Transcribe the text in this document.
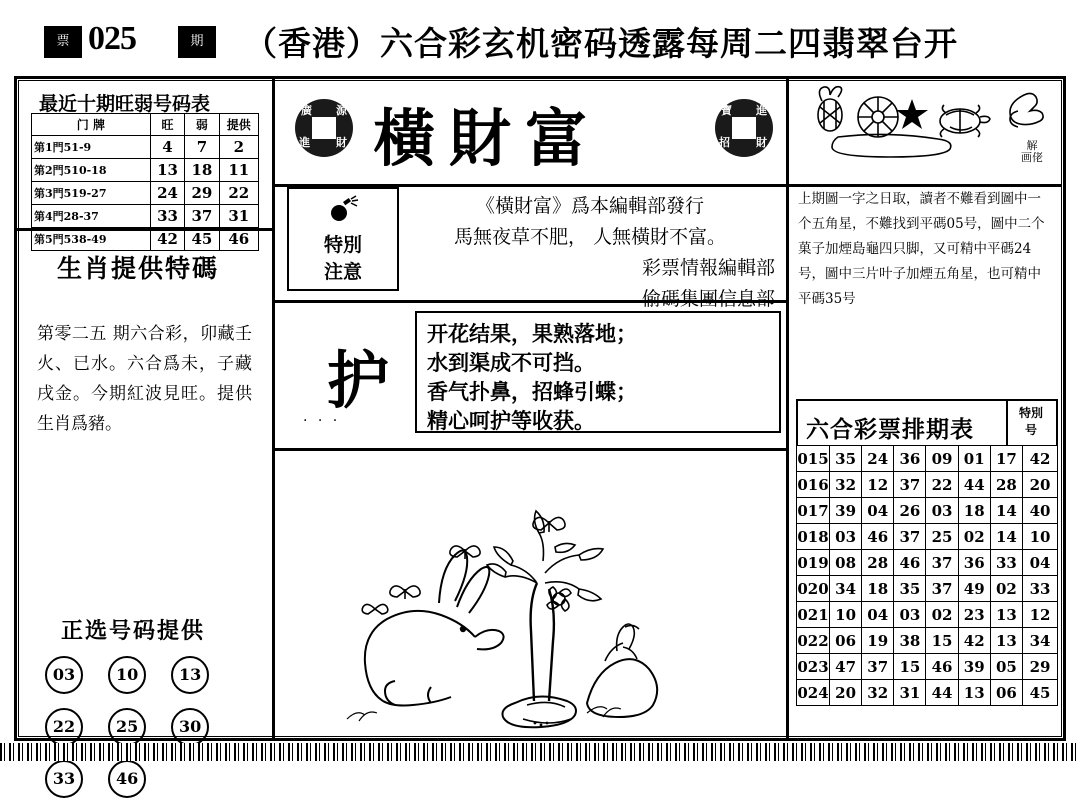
票 025	期	（香港）六合彩玄机密码透露每周二四翡翠台开
最近十期旺弱号码表
门 牌	旺	弱	提供
第1門51-9	4	7	2
第2門510-18	13	18	11
第3門519-27	24	29	22
第4門28-37	33	37	31
第5門538-49	42	45	46
生肖提供特碼
第零二五 期六合彩，卯藏壬火、已水。六合爲未，子藏戌金。今期紅波見旺。提供生肖爲豬。
正选号码提供
03	10	13 22	25	30 33	46
廣
進
源
財 橫財富	寶
招
進
財
特別
注意
《橫財富》爲本編輯部發行
馬無夜草不肥， 人無橫財不富。
彩票情報編輯部
偷碼集團信息部
护
. . .
开花结果，果熟落地；
水到渠成不可挡。
香气扑鼻，招蜂引蝶；
精心呵护等收获。
解
画佬
上期圖一字之日取，讀者不難看到圖中一个五角星，不難找到平碼05号，圖中二个菓子加煙島龜四只脚，又可精中平碼24号，圖中三片叶子加煙五角星，也可精中平碼35号
六合彩票排期表
特別
号
015	35	24	36	09	01	17	42
016	32	12	37	22	44	28	20
017	39	04	26	03	18	14	40
018	03	46	37	25	02	14	10
019	08	28	46	37	36	33	04
020	34	18	35	37	49	02	33
021	10	04	03	02	23	13	12
022	06	19	38	15	42	13	34
023	47	37	15	46	39	05	29
024	20	32	31	44	13	06	45
